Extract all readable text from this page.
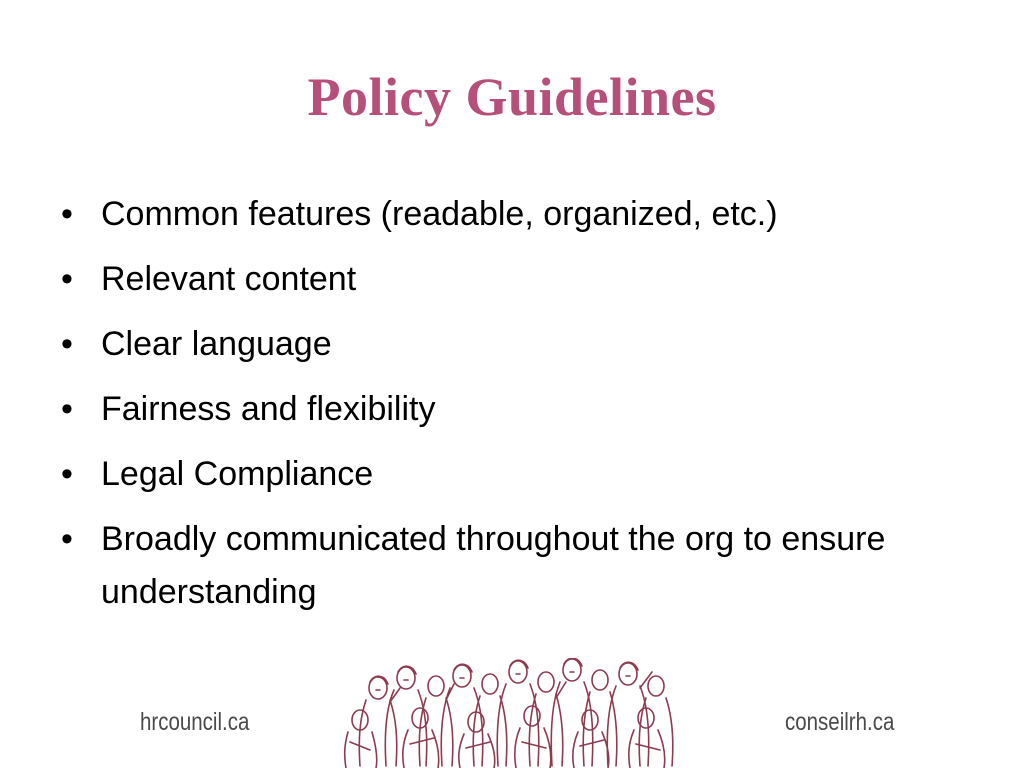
Policy Guidelines
• Common features (readable, organized, etc.)
• Relevant content
• Clear language
• Fairness and flexibility
• Legal Compliance
• Broadly communicated throughout the org to ensure understanding
hrcouncil.ca	conseilrh.ca
